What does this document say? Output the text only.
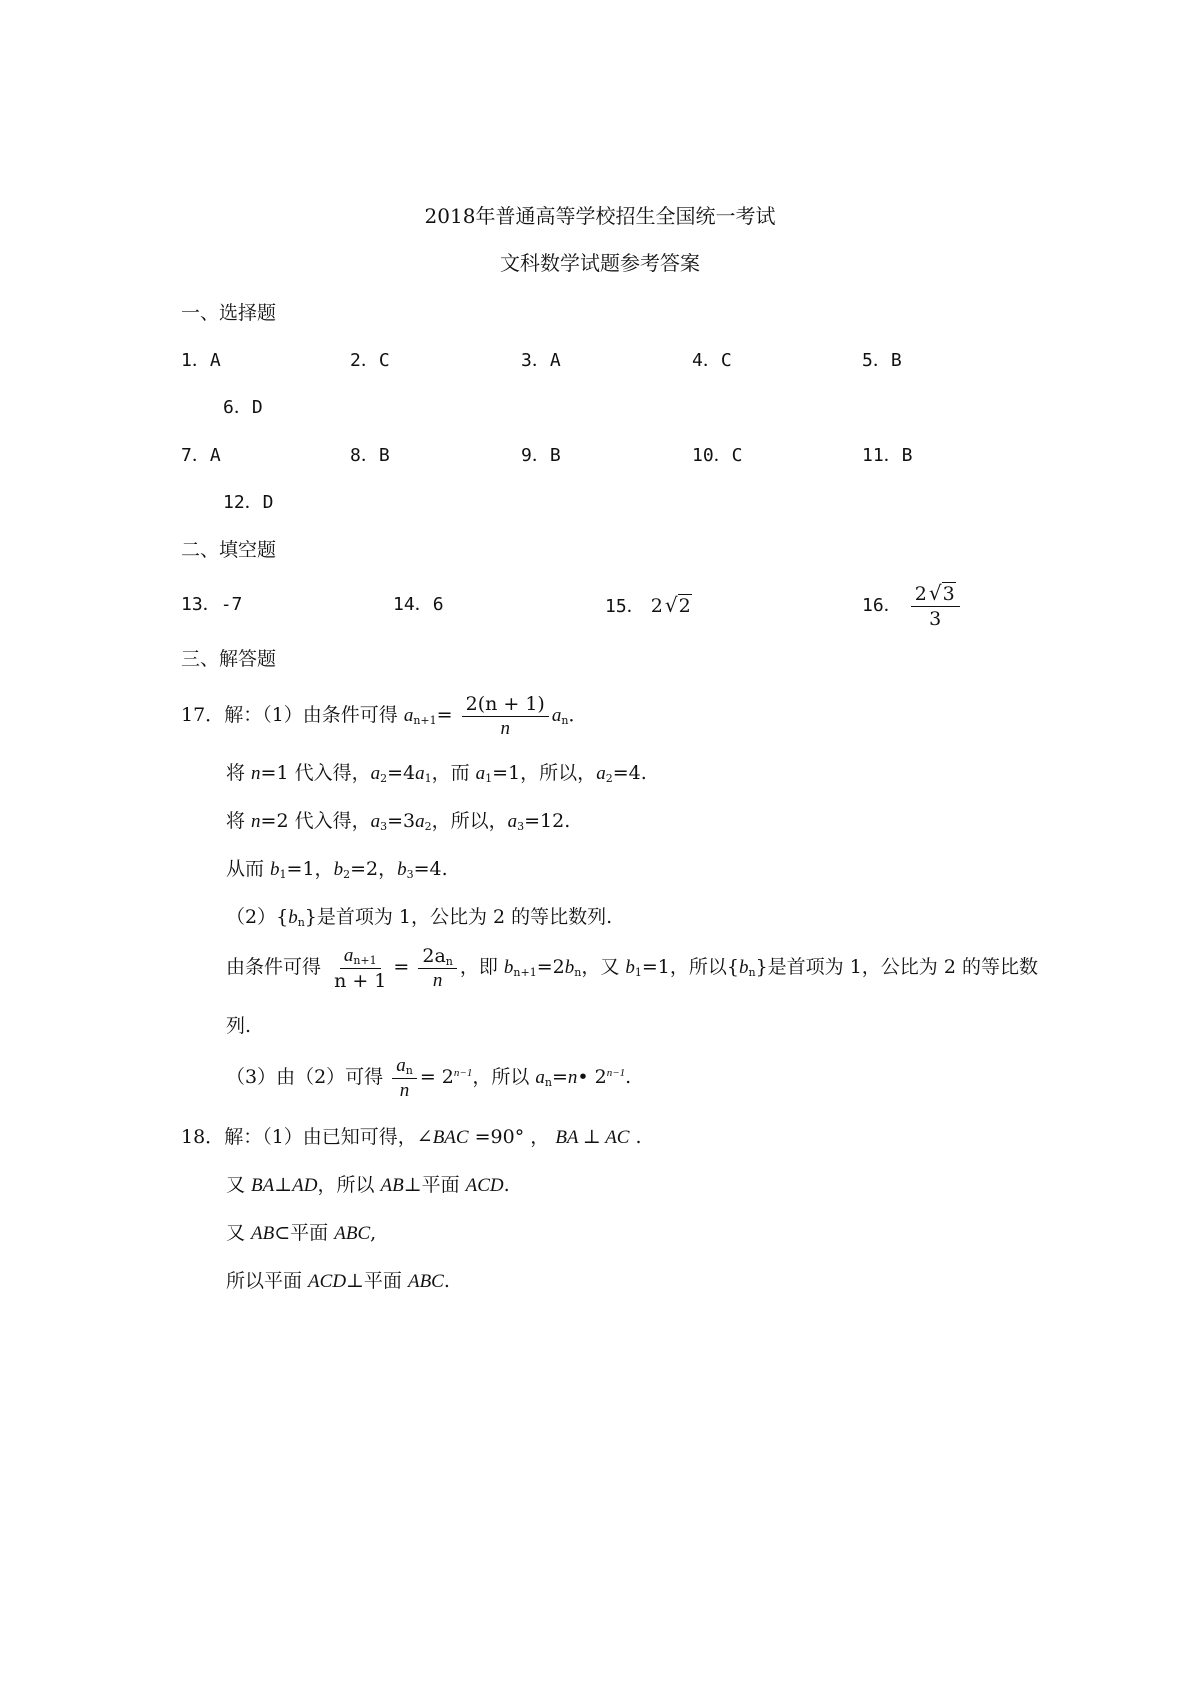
2018年普通高等学校招生全国统一考试
文科数学试题参考答案
一、选择题
1．A	2．C	3．A	4．C	5．B
6．D
7．A	8．B	9．B	10．C	11．B
12．D
二、填空题
13．-7	14．6	15． 2 √2	16． $\frac{2 √3}{3}$
三、解答题
17．解：（1）由条件可得 $a_{n+1}= \frac{2(n + 1)}{n} a_n$．
将 n=1 代入得，$a_2=4a_1$，而 $a_1=1$，所以，$a_2=4$.
将 n=2 代入得，$a_3=3a_2$，所以，$a_3=12$.
从而 $b_1=1$，$b_2=2$，$b_3=4$.
$(2)\{b_n\}$是首项为 1，公比为 2 的等比数列.
由条件可得 $\frac{a_{n+1}}{n + 1} = \frac{2a_n}{n}$ ，即 $b_{n+1}=2b_n$，又 $b_1=1$，所以$\{b_n\}$是首项为 1，公比为 2 的等比数
列.
（3）由（2）可得 $\frac{a_n}{n} = 2^{n-1}$，所以 $a_n=n•$ $2^{n-1}$.
18．解：（1）由已知可得，∠BAC =90° ， BA ⊥ AC .
又 BA⊥AD，所以 AB⊥平面 ACD.
又 AB⊂平面 ABC,
所以平面 ACD⊥平面 ABC.
